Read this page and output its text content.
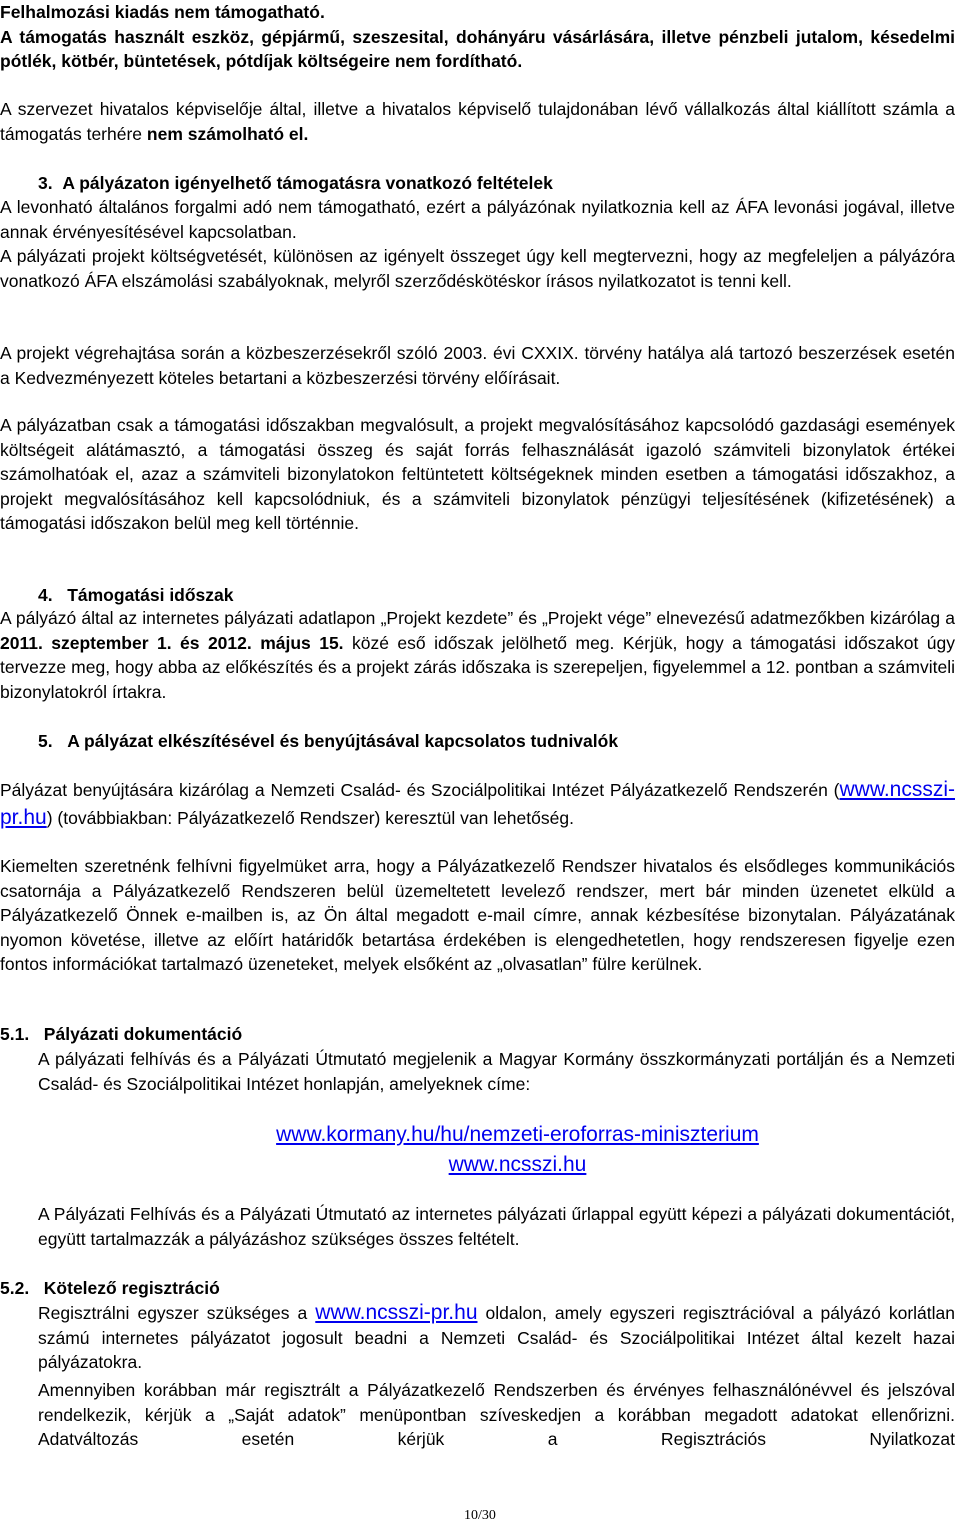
Felhalmozási kiadás nem támogatható.
A támogatás használt eszköz, gépjármű, szeszesital, dohányáru vásárlására, illetve pénzbeli jutalom, késedelmi pótlék, kötbér, büntetések, pótdíjak költségeire nem fordítható.
A szervezet hivatalos képviselője által, illetve a hivatalos képviselő tulajdonában lévő vállalkozás által kiállított számla a támogatás terhére nem számolható el.
3. A pályázaton igényelhető támogatásra vonatkozó feltételek
A levonható általános forgalmi adó nem támogatható, ezért a pályázónak nyilatkoznia kell az ÁFA levonási jogával, illetve annak érvényesítésével kapcsolatban.
A pályázati projekt költségvetését, különösen az igényelt összeget úgy kell megtervezni, hogy az megfeleljen a pályázóra vonatkozó ÁFA elszámolási szabályoknak, melyről szerződéskötéskor írásos nyilatkozatot is tenni kell.
A projekt végrehajtása során a közbeszerzésekről szóló 2003. évi CXXIX. törvény hatálya alá tartozó beszerzések esetén a Kedvezményezett köteles betartani a közbeszerzési törvény előírásait.
A pályázatban csak a támogatási időszakban megvalósult, a projekt megvalósításához kapcsolódó gazdasági események költségeit alátámasztó, a támogatási összeg és saját forrás felhasználását igazoló számviteli bizonylatok értékei számolhatóak el, azaz a számviteli bizonylatokon feltüntetett költségeknek minden esetben a támogatási időszakhoz, a projekt megvalósításához kell kapcsolódniuk, és a számviteli bizonylatok pénzügyi teljesítésének (kifizetésének) a támogatási időszakon belül meg kell történnie.
4. Támogatási időszak
A pályázó által az internetes pályázati adatlapon „Projekt kezdete” és „Projekt vége” elnevezésű adatmezőkben kizárólag a 2011. szeptember 1. és 2012. május 15. közé eső időszak jelölhető meg. Kérjük, hogy a támogatási időszakot úgy tervezze meg, hogy abba az előkészítés és a projekt zárás időszaka is szerepeljen, figyelemmel a 12. pontban a számviteli bizonylatokról írtakra.
5. A pályázat elkészítésével és benyújtásával kapcsolatos tudnivalók
Pályázat benyújtására kizárólag a Nemzeti Család- és Szociálpolitikai Intézet Pályázatkezelő Rendszerén (www.ncsszi-pr.hu) (továbbiakban: Pályázatkezelő Rendszer) keresztül van lehetőség.
Kiemelten szeretnénk felhívni figyelmüket arra, hogy a Pályázatkezelő Rendszer hivatalos és elsődleges kommunikációs csatornája a Pályázatkezelő Rendszeren belül üzemeltetett levelező rendszer, mert bár minden üzenetet elküld a Pályázatkezelő Önnek e-mailben is, az Ön által megadott e-mail címre, annak kézbesítése bizonytalan. Pályázatának nyomon követése, illetve az előírt határidők betartása érdekében is elengedhetetlen, hogy rendszeresen figyelje ezen fontos információkat tartalmazó üzeneteket, melyek elsőként az „olvasatlan” fülre kerülnek.
5.1. Pályázati dokumentáció
A pályázati felhívás és a Pályázati Útmutató megjelenik a Magyar Kormány összkormányzati portálján és a Nemzeti Család- és Szociálpolitikai Intézet honlapján, amelyeknek címe:
www.kormany.hu/hu/nemzeti-eroforras-miniszterium
www.ncsszi.hu
A Pályázati Felhívás és a Pályázati Útmutató az internetes pályázati űrlappal együtt képezi a pályázati dokumentációt, együtt tartalmazzák a pályázáshoz szükséges összes feltételt.
5.2. Kötelező regisztráció
Regisztrálni egyszer szükséges a www.ncsszi-pr.hu oldalon, amely egyszeri regisztrációval a pályázó korlátlan számú internetes pályázatot jogosult beadni a Nemzeti Család- és Szociálpolitikai Intézet által kezelt hazai pályázatokra.
Amennyiben korábban már regisztrált a Pályázatkezelő Rendszerben és érvényes felhasználónévvel és jelszóval rendelkezik, kérjük a „Saját adatok” menüpontban szíveskedjen a korábban megadott adatokat ellenőrizni. Adatváltozás esetén kérjük a Regisztrációs Nyilatkozat
10/30
